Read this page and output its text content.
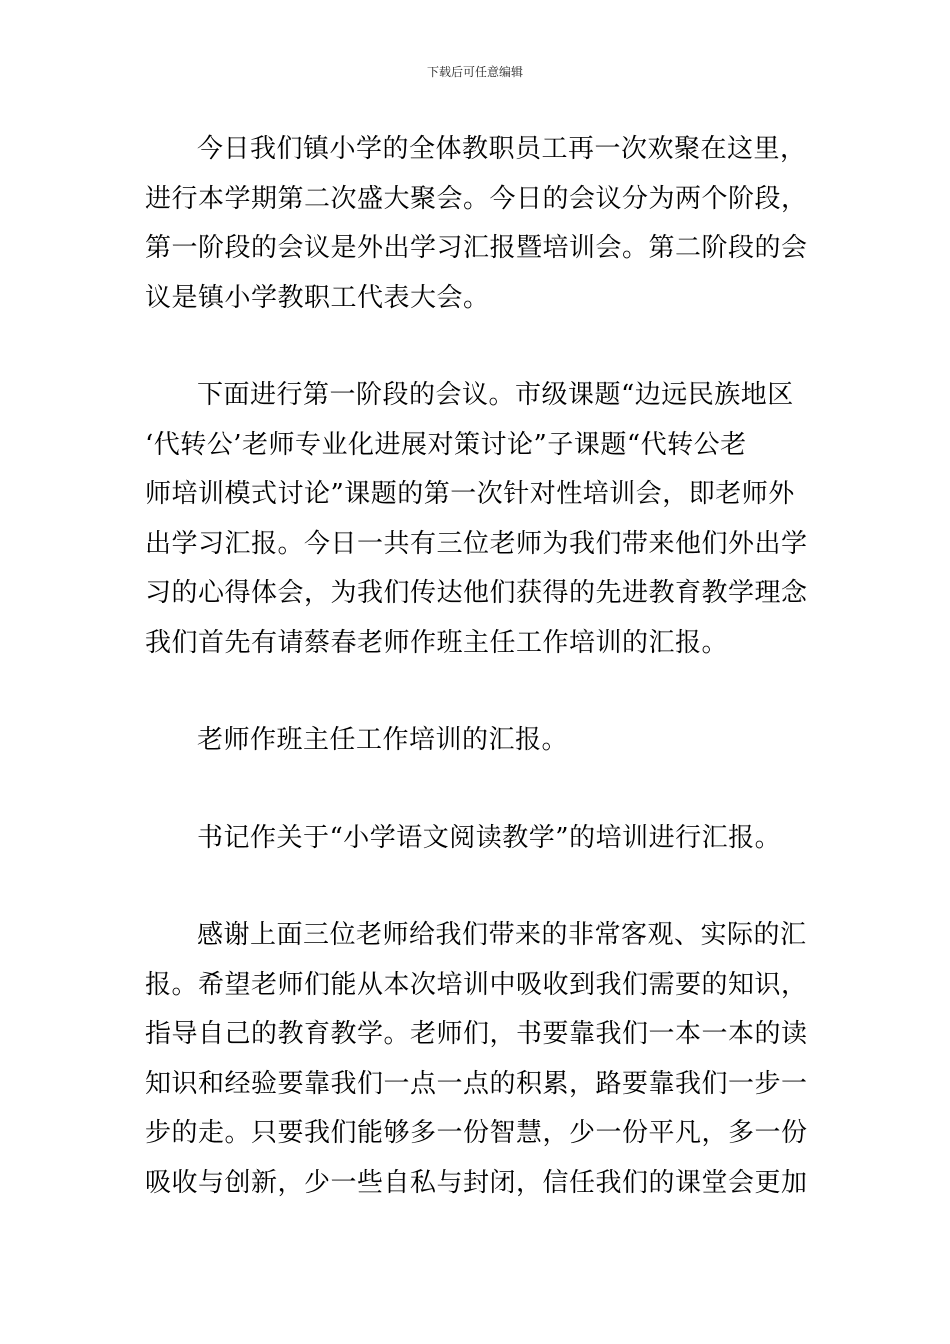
下载后可任意编辑

今日我们镇小学的全体教职员工再一次欢聚在这里，
进行本学期第二次盛大聚会。今日的会议分为两个阶段，
第一阶段的会议是外出学习汇报暨培训会。第二阶段的会
议是镇小学教职工代表大会。

下面进行第一阶段的会议。市级课题“边远民族地区
‘代转公’老师专业化进展对策讨论”子课题“代转公老
师培训模式讨论”课题的第一次针对性培训会，即老师外
出学习汇报。今日一共有三位老师为我们带来他们外出学
习的心得体会，为我们传达他们获得的先进教育教学理念
我们首先有请蔡春老师作班主任工作培训的汇报。

老师作班主任工作培训的汇报。

书记作关于“小学语文阅读教学”的培训进行汇报。

感谢上面三位老师给我们带来的非常客观、实际的汇
报。希望老师们能从本次培训中吸收到我们需要的知识，
指导自己的教育教学。老师们，书要靠我们一本一本的读
知识和经验要靠我们一点一点的积累，路要靠我们一步一
步的走。只要我们能够多一份智慧，少一份平凡，多一份
吸收与创新，少一些自私与封闭，信任我们的课堂会更加
